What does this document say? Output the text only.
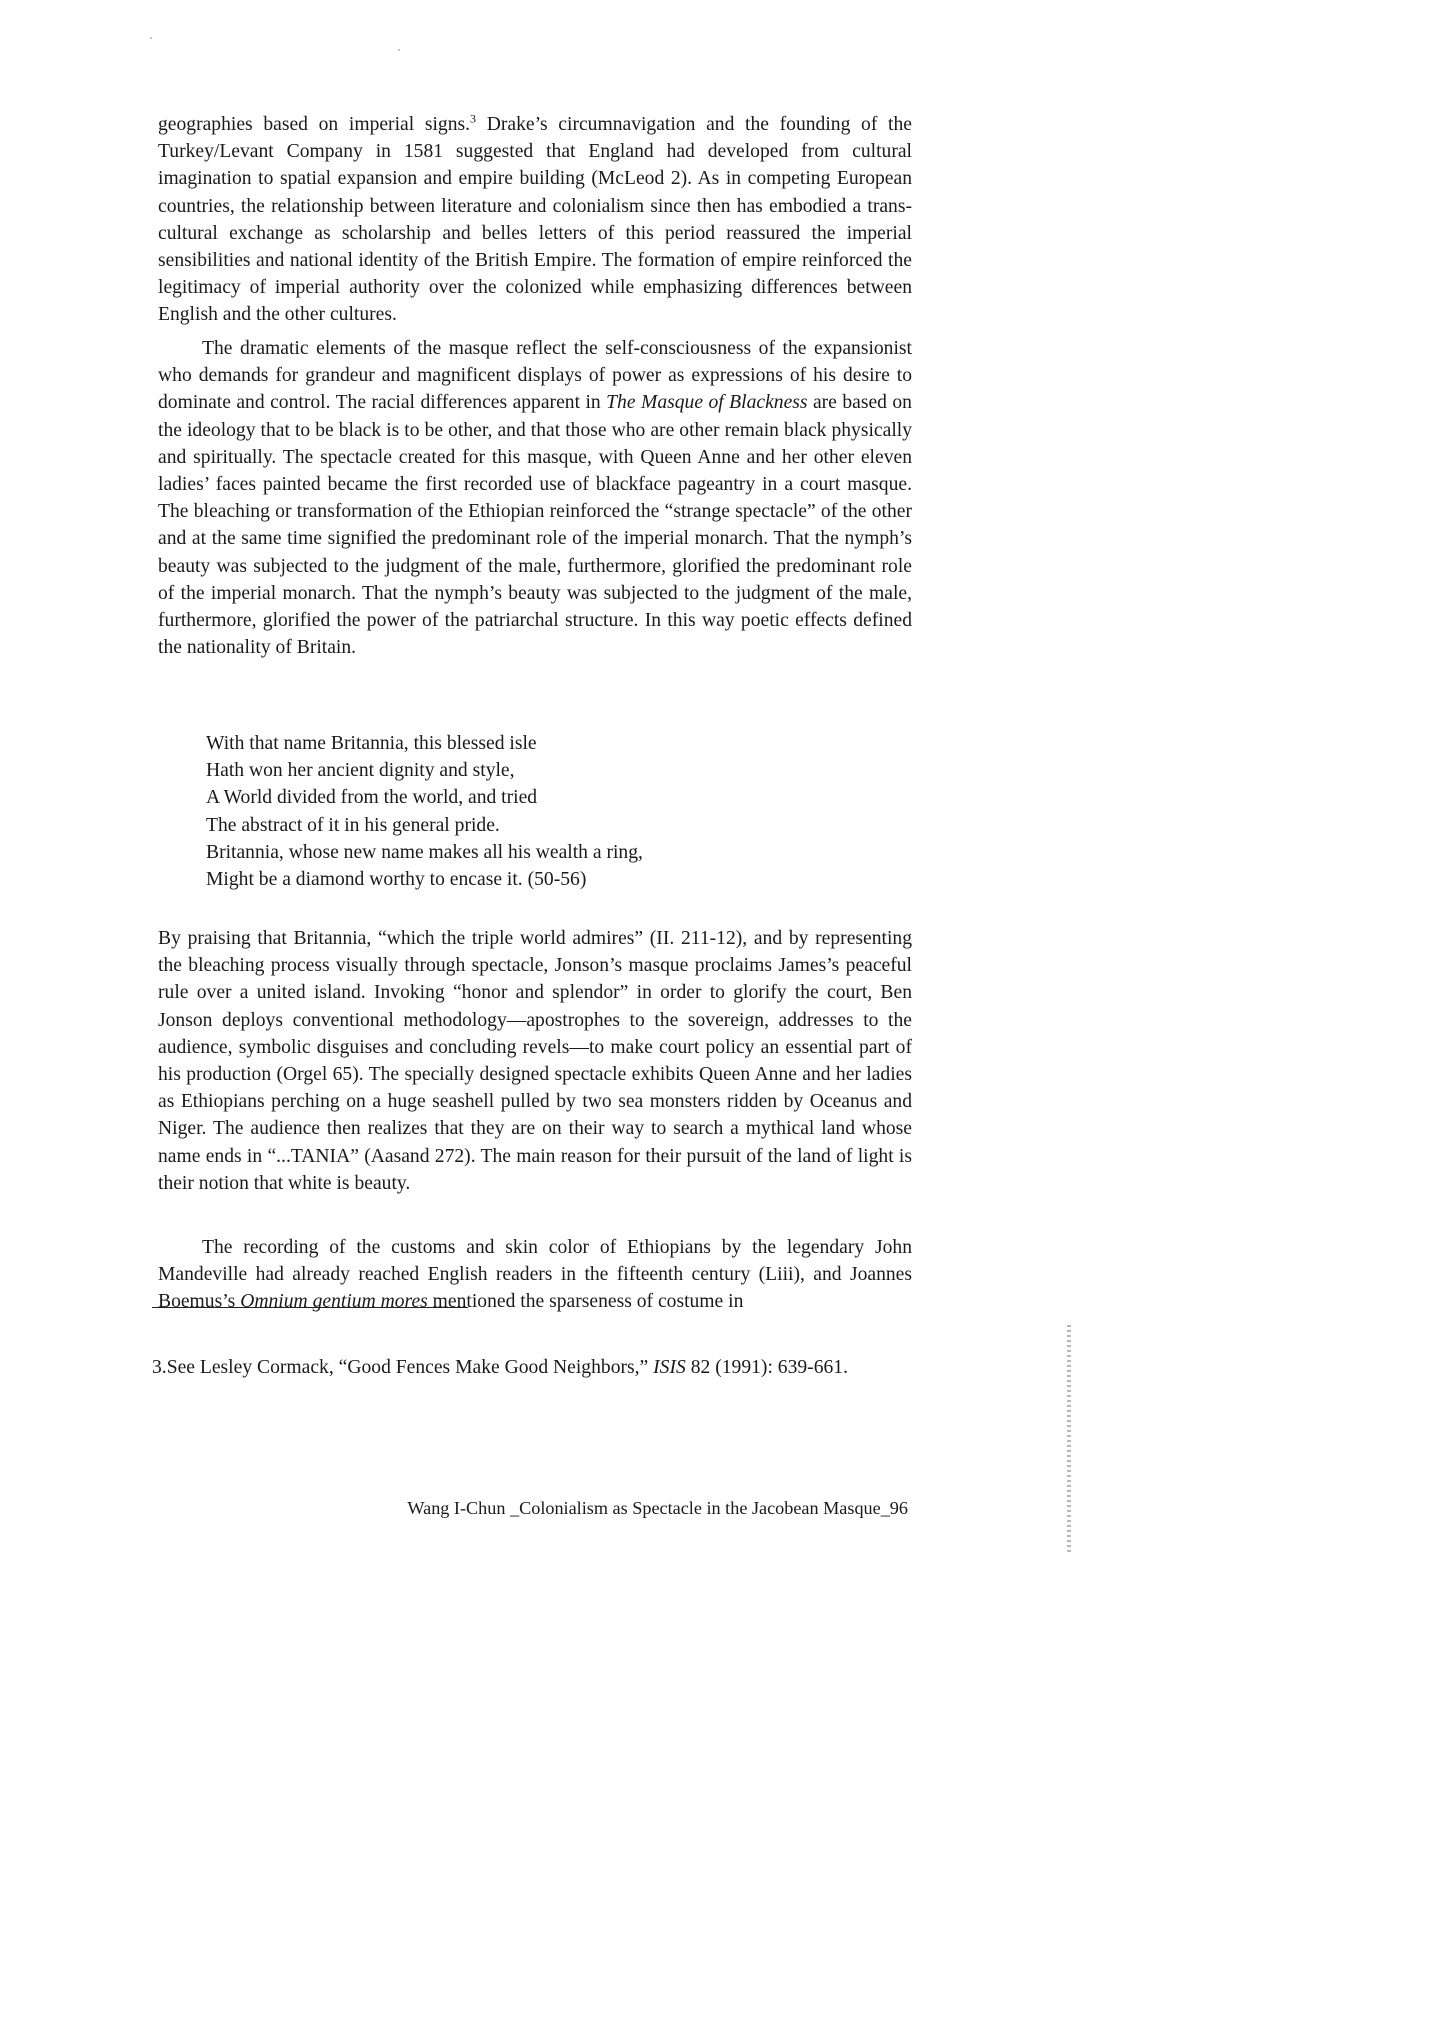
geographies based on imperial signs.$^3$ Drake’s circumnavigation and the founding of the Turkey/Levant Company in 1581 suggested that England had developed from cultural imagination to spatial expansion and empire building (McLeod 2). As in competing European countries, the relationship between literature and colonialism since then has embodied a trans-cultural exchange as scholarship and belles letters of this period reassured the imperial sensibilities and national identity of the British Empire. The formation of empire reinforced the legitimacy of imperial authority over the colonized while emphasizing differences between English and the other cultures.

The dramatic elements of the masque reflect the self-consciousness of the expansionist who demands for grandeur and magnificent displays of power as expressions of his desire to dominate and control. The racial differences apparent in The Masque of Blackness are based on the ideology that to be black is to be other, and that those who are other remain black physically and spiritually. The spectacle created for this masque, with Queen Anne and her other eleven ladies’ faces painted became the first recorded use of blackface pageantry in a court masque. The bleaching or transformation of the Ethiopian reinforced the “strange spectacle” of the other and at the same time signified the predominant role of the imperial monarch. That the nymph’s beauty was subjected to the judgment of the male, furthermore, glorified the predominant role of the imperial monarch. That the nymph’s beauty was subjected to the judgment of the male, furthermore, glorified the power of the patriarchal structure. In this way poetic effects defined the nationality of Britain.

With that name Britannia, this blessed isle
Hath won her ancient dignity and style,
A World divided from the world, and tried
The abstract of it in his general pride.
Britannia, whose new name makes all his wealth a ring,
Might be a diamond worthy to encase it. (50-56)

By praising that Britannia, “which the triple world admires” (II. 211-12), and by representing the bleaching process visually through spectacle, Jonson’s masque proclaims James’s peaceful rule over a united island. Invoking “honor and splendor” in order to glorify the court, Ben Jonson deploys conventional methodology—apostrophes to the sovereign, addresses to the audience, symbolic disguises and concluding revels—to make court policy an essential part of his production (Orgel 65). The specially designed spectacle exhibits Queen Anne and her ladies as Ethiopians perching on a huge seashell pulled by two sea monsters ridden by Oceanus and Niger. The audience then realizes that they are on their way to search a mythical land whose name ends in “...TANIA” (Aasand 272). The main reason for their pursuit of the land of light is their notion that white is beauty.

The recording of the customs and skin color of Ethiopians by the legendary John Mandeville had already reached English readers in the fifteenth century (Liii), and Joannes Boemus’s Omnium gentium mores mentioned the sparseness of costume in

3.See Lesley Cormack, “Good Fences Make Good Neighbors,” ISIS 82 (1991): 639-661.

Wang I-Chun _Colonialism as Spectacle in the Jacobean Masque_96
